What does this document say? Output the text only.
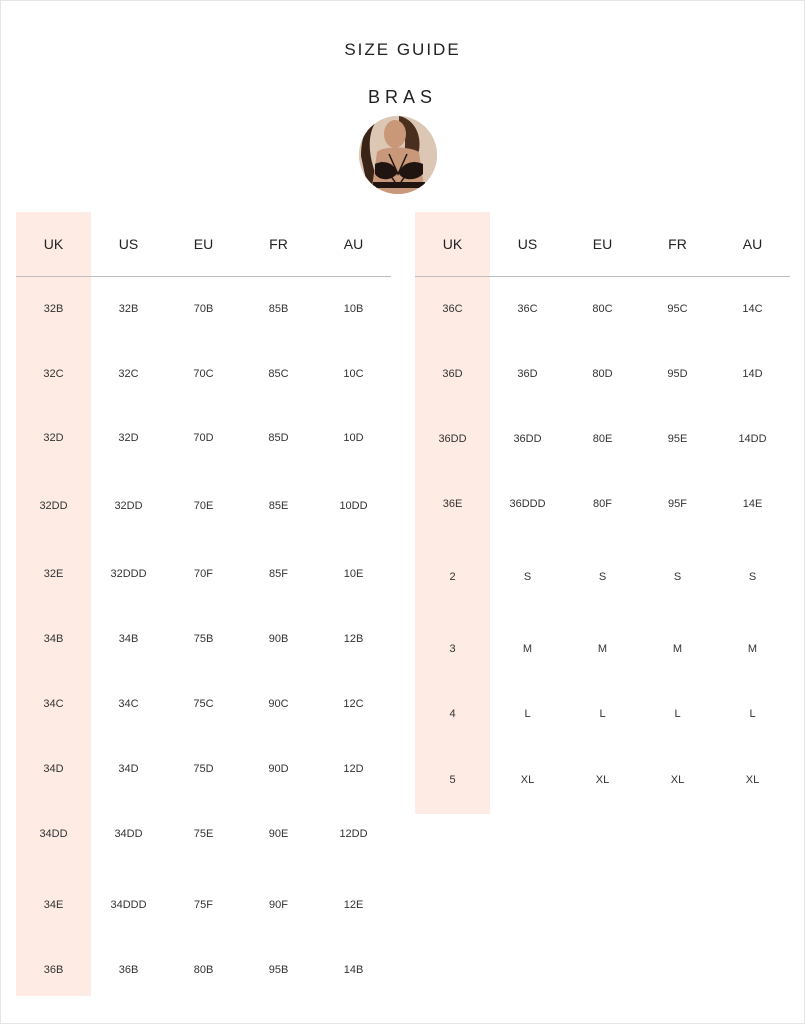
SIZE GUIDE
BRAS
UK	US	EU	FR	AU
32B	32B	70B	85B	10B
32C	32C	70C	85C	10C
32D	32D	70D	85D	10D
32DD	32DD	70E	85E	10DD
32E	32DDD	70F	85F	10E
34B	34B	75B	90B	12B
34C	34C	75C	90C	12C
34D	34D	75D	90D	12D
34DD	34DD	75E	90E	12DD
34E	34DDD	75F	90F	12E
36B	36B	80B	95B	14B
UK	US	EU	FR	AU
36C	36C	80C	95C	14C
36D	36D	80D	95D	14D
36DD	36DD	80E	95E	14DD
36E	36DDD	80F	95F	14E
2	S	S	S	S
3	M	M	M	M
4	L	L	L	L
5	XL	XL	XL	XL
